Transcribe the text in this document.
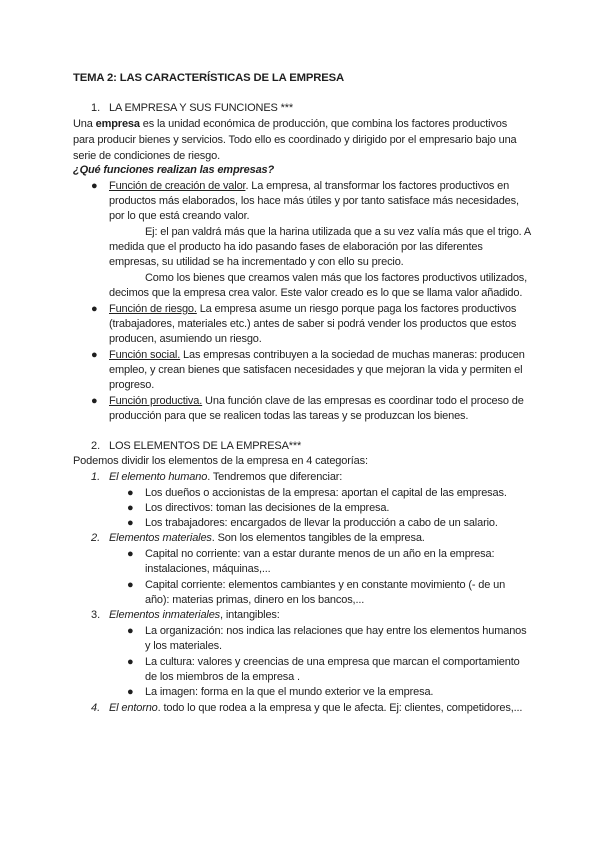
TEMA 2: LAS CARACTERÍSTICAS DE LA EMPRESA
1. LA EMPRESA Y SUS FUNCIONES ***
Una empresa es la unidad económica de producción, que combina los factores productivos
para producir bienes y servicios. Todo ello es coordinado y dirigido por el empresario bajo una
serie de condiciones de riesgo.
¿Qué funciones realizan las empresas?
● Función de creación de valor. La empresa, al transformar los factores productivos en
productos más elaborados, los hace más útiles y por tanto satisface más necesidades,
por lo que está creando valor.
Ej: el pan valdrá más que la harina utilizada que a su vez valía más que el trigo. A
medida que el producto ha ido pasando fases de elaboración por las diferentes
empresas, su utilidad se ha incrementado y con ello su precio.
Como los bienes que creamos valen más que los factores productivos utilizados,
decimos que la empresa crea valor. Este valor creado es lo que se llama valor añadido.
● Función de riesgo. La empresa asume un riesgo porque paga los factores productivos
(trabajadores, materiales etc.) antes de saber si podrá vender los productos que estos
producen, asumiendo un riesgo.
● Función social. Las empresas contribuyen a la sociedad de muchas maneras: producen
empleo, y crean bienes que satisfacen necesidades y que mejoran la vida y permiten el
progreso.
● Función productiva. Una función clave de las empresas es coordinar todo el proceso de
producción para que se realicen todas las tareas y se produzcan los bienes.
2. LOS ELEMENTOS DE LA EMPRESA***
Podemos dividir los elementos de la empresa en 4 categorías:
1. El elemento humano. Tendremos que diferenciar:
● Los dueños o accionistas de la empresa: aportan el capital de las empresas.
● Los directivos: toman las decisiones de la empresa.
● Los trabajadores: encargados de llevar la producción a cabo de un salario.
2. Elementos materiales. Son los elementos tangibles de la empresa.
● Capital no corriente: van a estar durante menos de un año en la empresa:
instalaciones, máquinas,...
● Capital corriente: elementos cambiantes y en constante movimiento (- de un
año): materias primas, dinero en los bancos,...
3. Elementos inmateriales, intangibles:
● La organización: nos indica las relaciones que hay entre los elementos humanos
y los materiales.
● La cultura: valores y creencias de una empresa que marcan el comportamiento
de los miembros de la empresa .
● La imagen: forma en la que el mundo exterior ve la empresa.
4. El entorno. todo lo que rodea a la empresa y que le afecta. Ej: clientes, competidores,...
